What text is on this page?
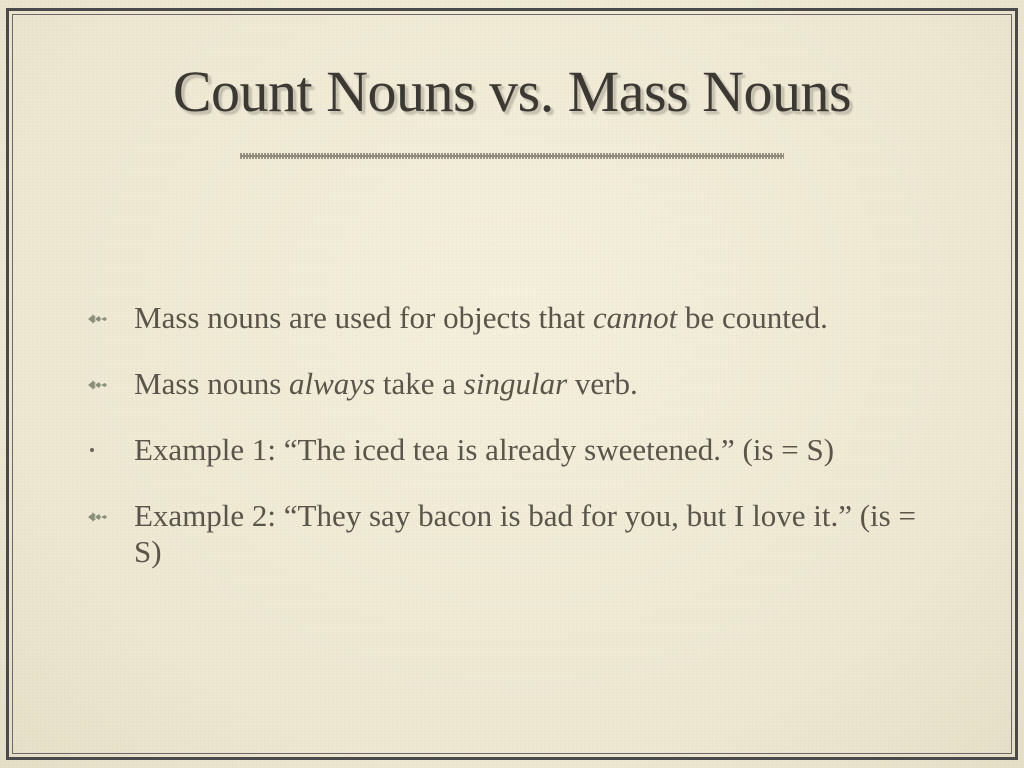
Count Nouns vs. Mass Nouns
Mass nouns are used for objects that cannot be counted.
Mass nouns always take a singular verb.
Example 1: “The iced tea is already sweetened.” (is = S)
Example 2: “They say bacon is bad for you, but I love it.” (is = S)
